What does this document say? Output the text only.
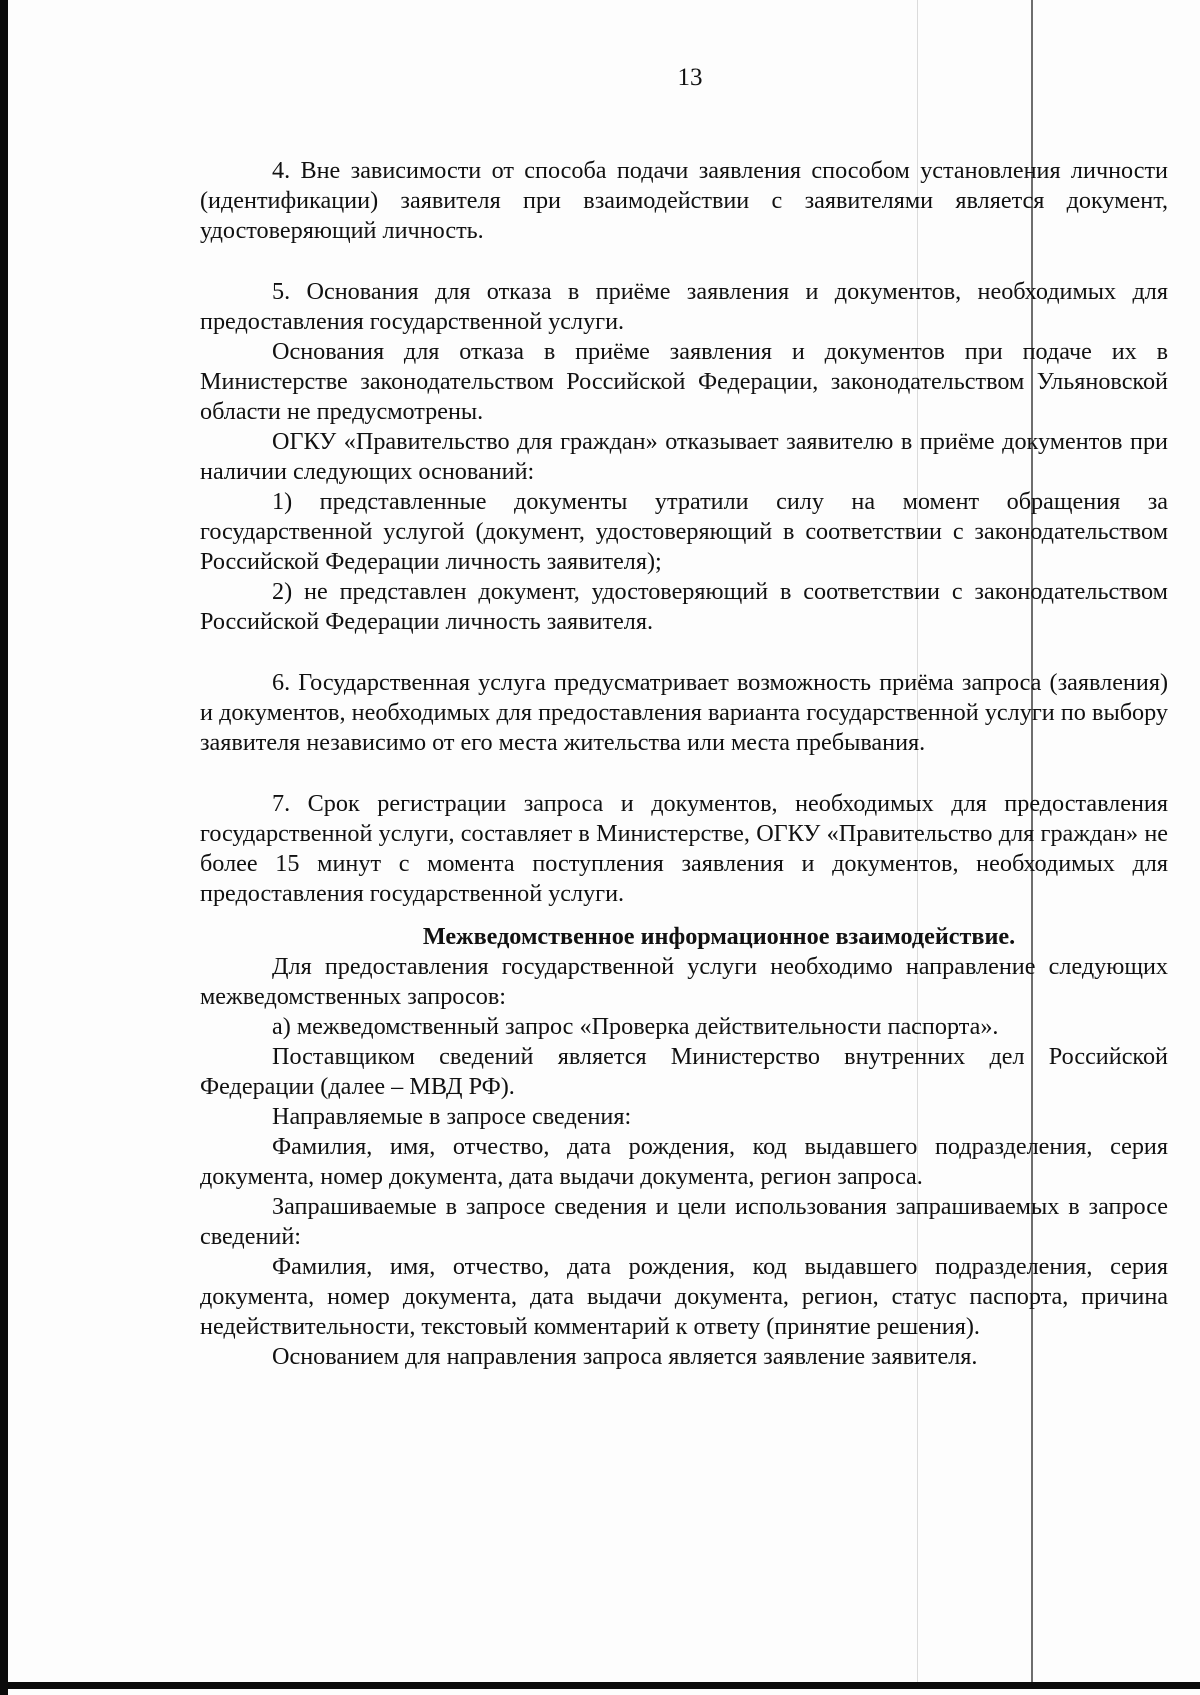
13

4. Вне зависимости от способа подачи заявления способом установления личности (идентификации) заявителя при взаимодействии с заявителями является документ, удостоверяющий личность.

5. Основания для отказа в приёме заявления и документов, необходимых для предоставления государственной услуги.

Основания для отказа в приёме заявления и документов при подаче их в Министерстве законодательством Российской Федерации, законодательством Ульяновской области не предусмотрены.

ОГКУ «Правительство для граждан» отказывает заявителю в приёме документов при наличии следующих оснований:

1) представленные документы утратили силу на момент обращения за государственной услугой (документ, удостоверяющий в соответствии с законодательством Российской Федерации личность заявителя);

2) не представлен документ, удостоверяющий в соответствии с законодательством Российской Федерации личность заявителя.

6. Государственная услуга предусматривает возможность приёма запроса (заявления) и документов, необходимых для предоставления варианта государственной услуги по выбору заявителя независимо от его места жительства или места пребывания.

7. Срок регистрации запроса и документов, необходимых для предоставления государственной услуги, составляет в Министерстве, ОГКУ «Правительство для граждан» не более 15 минут с момента поступления заявления и документов, необходимых для предоставления государственной услуги.

Межведомственное информационное взаимодействие.

Для предоставления государственной услуги необходимо направление следующих межведомственных запросов:

а) межведомственный запрос «Проверка действительности паспорта».

Поставщиком сведений является Министерство внутренних дел Российской Федерации (далее – МВД РФ).

Направляемые в запросе сведения:

Фамилия, имя, отчество, дата рождения, код выдавшего подразделения, серия документа, номер документа, дата выдачи документа, регион запроса.

Запрашиваемые в запросе сведения и цели использования запрашиваемых в запросе сведений:

Фамилия, имя, отчество, дата рождения, код выдавшего подразделения, серия документа, номер документа, дата выдачи документа, регион, статус паспорта, причина недействительности, текстовый комментарий к ответу (принятие решения).

Основанием для направления запроса является заявление заявителя.
